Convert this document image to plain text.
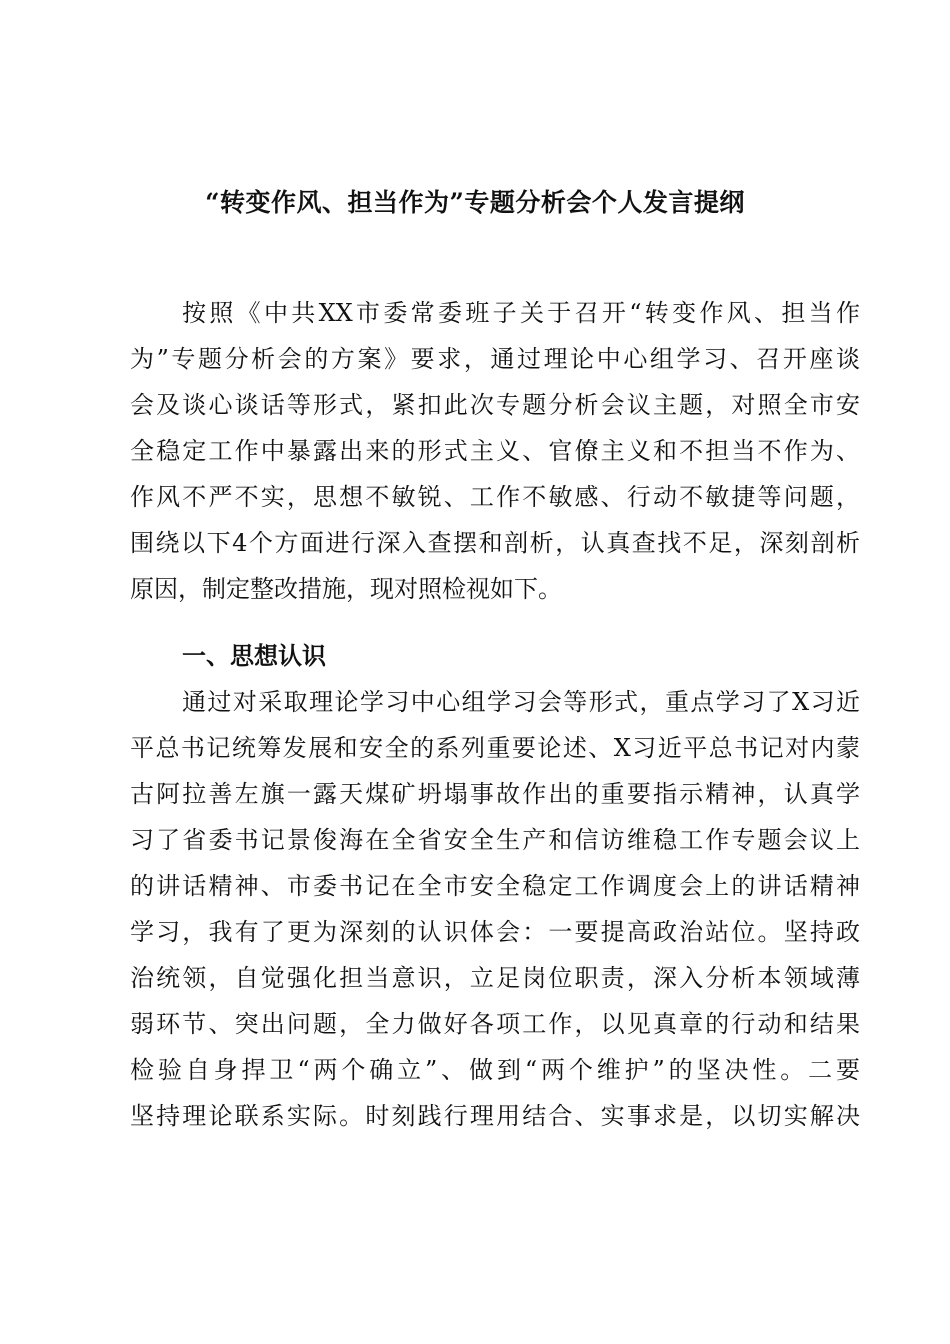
“转变作风、担当作为”专题分析会个人发言提纲
按照《中共XX市委常委班子关于召开“转变作风、担当作
为”专题分析会的方案》要求，通过理论中心组学习、召开座谈
会及谈心谈话等形式，紧扣此次专题分析会议主题，对照全市安
全稳定工作中暴露出来的形式主义、官僚主义和不担当不作为、
作风不严不实，思想不敏锐、工作不敏感、行动不敏捷等问题，
围绕以下4个方面进行深入查摆和剖析，认真查找不足，深刻剖析
原因，制定整改措施，现对照检视如下。
一、思想认识
通过对采取理论学习中心组学习会等形式，重点学习了X习近
平总书记统筹发展和安全的系列重要论述、X习近平总书记对内蒙
古阿拉善左旗一露天煤矿坍塌事故作出的重要指示精神，认真学
习了省委书记景俊海在全省安全生产和信访维稳工作专题会议上
的讲话精神、市委书记在全市安全稳定工作调度会上的讲话精神
学习，我有了更为深刻的认识体会：一要提高政治站位。坚持政
治统领，自觉强化担当意识，立足岗位职责，深入分析本领域薄
弱环节、突出问题，全力做好各项工作，以见真章的行动和结果
检验自身捍卫“两个确立”、做到“两个维护”的坚决性。二要
坚持理论联系实际。时刻践行理用结合、实事求是，以切实解决
